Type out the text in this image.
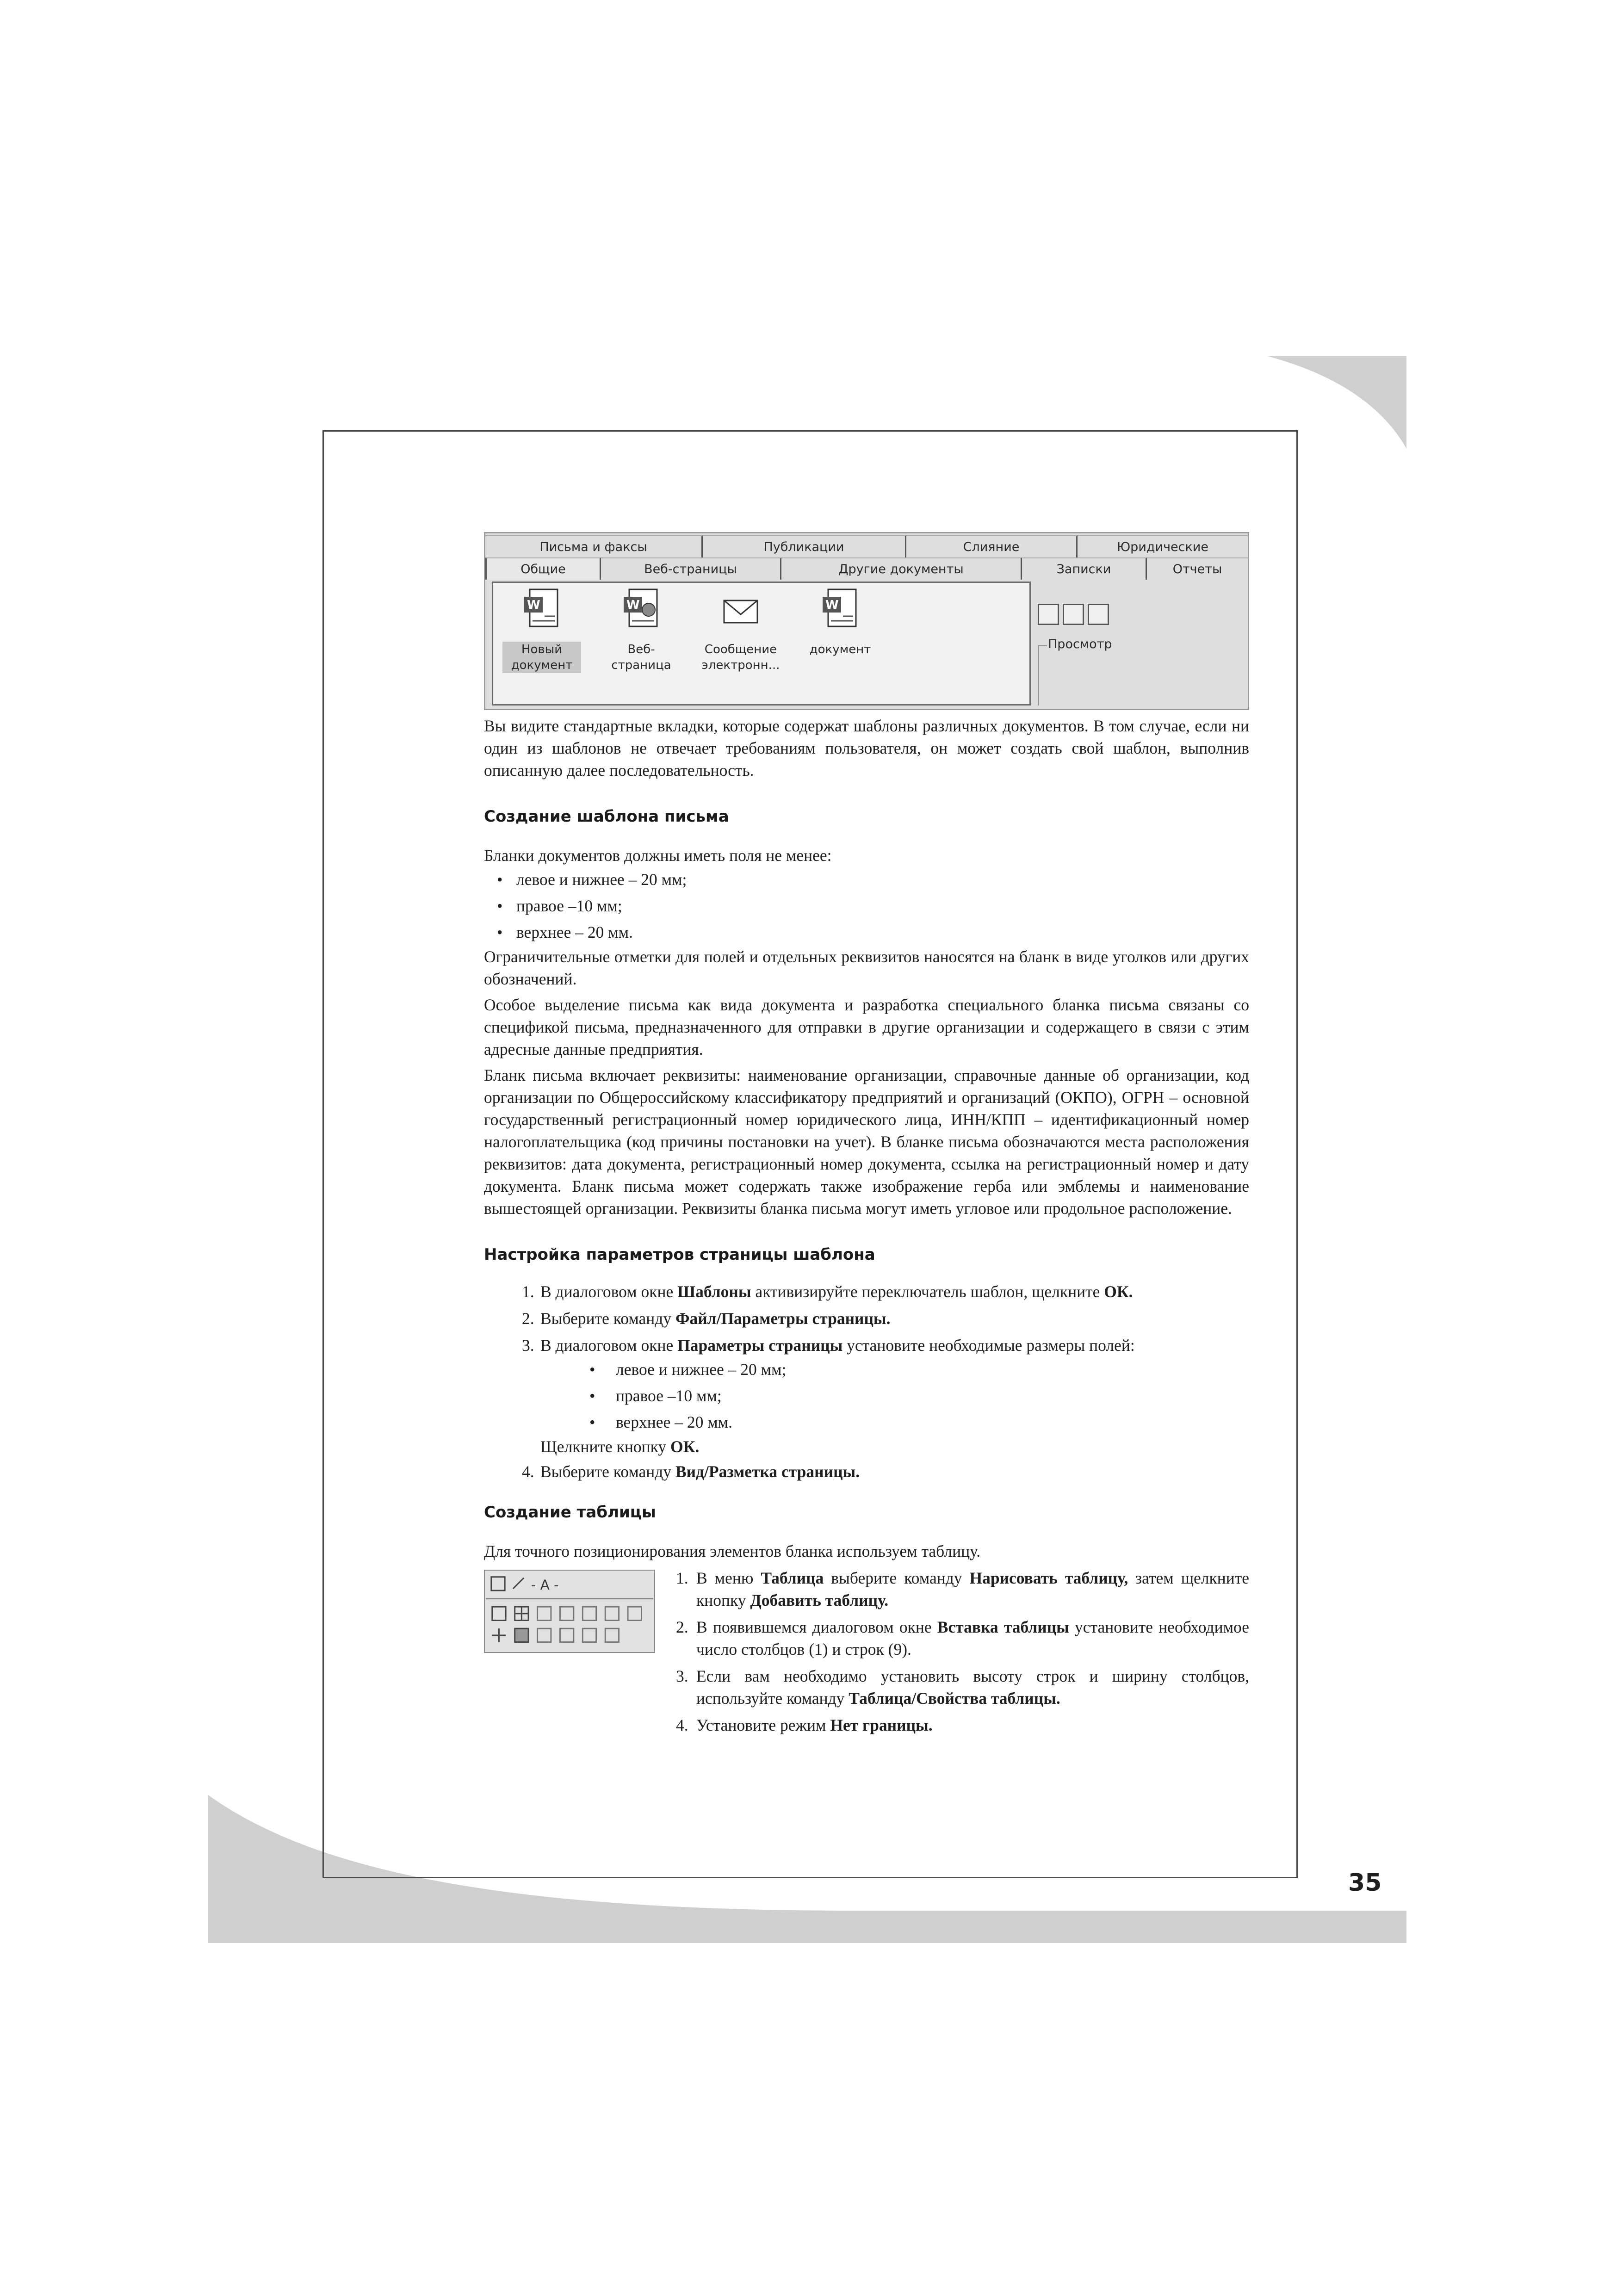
Письма и факсы	Публикации	Слияние	Юридические
Общие	Веб-страницы	Другие документы	Записки	Отчеты
W
Новый
документ
W
Веб-страница
Сообщение
электронн...
W
документ	Просмотр

Вы видите стандартные вкладки, которые содержат шаблоны различных документов. В том случае, если ни один из шаблонов не отвечает требованиям пользователя, он может создать свой шаблон, выполнив описанную далее последовательность.

Создание шаблона письма

Бланки документов должны иметь поля не менее:

• левое и нижнее – 20 мм;
• правое –10 мм;
• верхнее – 20 мм.

Ограничительные отметки для полей и отдельных реквизитов наносятся на бланк в виде уголков или других обозначений.

Особое выделение письма как вида документа и разработка специального бланка письма связаны со спецификой письма, предназначенного для отправки в другие организации и содержащего в связи с этим адресные данные предприятия.

Бланк письма включает реквизиты: наименование организации, справочные данные об организации, код организации по Общероссийскому классификатору предприятий и организаций (ОКПО), ОГРН – основной государственный регистрационный номер юридического лица, ИНН/КПП – идентификационный номер налогоплательщика (код причины постановки на учет). В бланке письма обозначаются места расположения реквизитов: дата документа, регистрационный номер документа, ссылка на регистрационный номер и дату документа. Бланк письма может содержать также изображение герба или эмблемы и наименование вышестоящей организации. Реквизиты бланка письма могут иметь угловое или продольное расположение.

Настройка параметров страницы шаблона
1. В диалоговом окне Шаблоны активизируйте переключатель шаблон, щелкните ОК.
2. Выберите команду Файл/Параметры страницы.
3. В диалоговом окне Параметры страницы установите необходимые размеры полей:
• левое и нижнее – 20 мм;
• правое –10 мм;
• верхнее – 20 мм.

Щелкните кнопку ОК.

4. Выберите команду Вид/Разметка страницы.
Создание таблицы

Для точного позиционирования элементов бланка используем таблицу.

- A -	1. В меню Таблица выберите команду Нарисовать таблицу, затем щелкните кнопку Добавить таблицу.
2. В появившемся диалоговом окне Вставка таблицы установите необходимое число столбцов (1) и строк (9).
3. Если вам необходимо установить высоту строк и ширину столбцов, используйте команду Таблица/Свойства таблицы.
4. Установите режим Нет границы.
35
